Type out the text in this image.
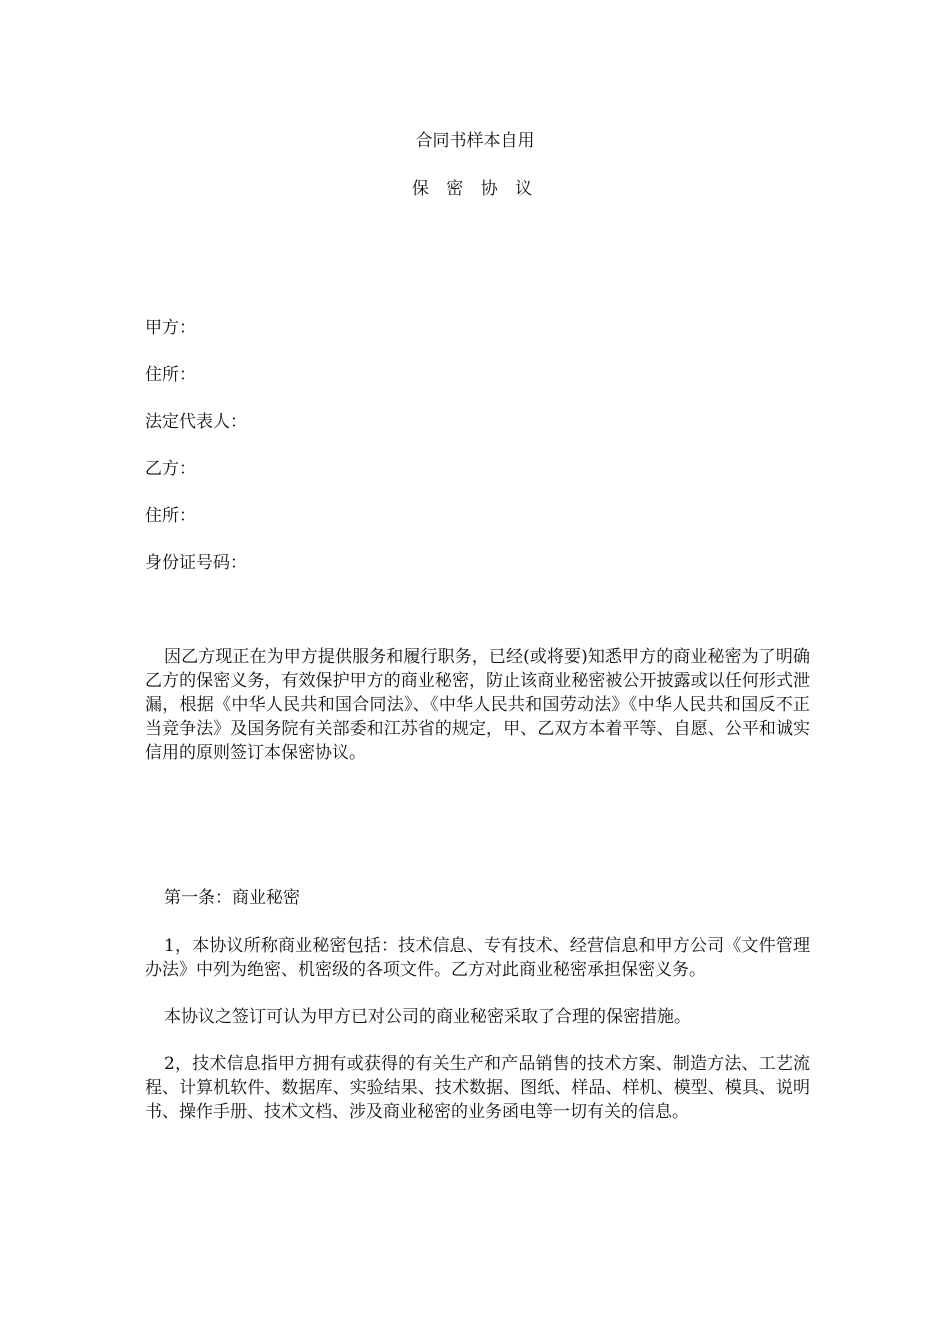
合同书样本自用
保 密 协 议
甲方：
住所：
法定代表人：
乙方：
住所：
身份证号码：
因乙方现正在为甲方提供服务和履行职务，已经(或将要)知悉甲方的商业秘密为了明确乙方的保密义务，有效保护甲方的商业秘密，防止该商业秘密被公开披露或以任何形式泄漏，根据《中华人民共和国合同法》、《中华人民共和国劳动法》《中华人民共和国反不正当竞争法》及国务院有关部委和江苏省的规定，甲、乙双方本着平等、自愿、公平和诚实信用的原则签订本保密协议。
第一条：商业秘密
1，本协议所称商业秘密包括：技术信息、专有技术、经营信息和甲方公司《文件管理办法》中列为绝密、机密级的各项文件。乙方对此商业秘密承担保密义务。
本协议之签订可认为甲方已对公司的商业秘密采取了合理的保密措施。
2，技术信息指甲方拥有或获得的有关生产和产品销售的技术方案、制造方法、工艺流程、计算机软件、数据库、实验结果、技术数据、图纸、样品、样机、模型、模具、说明书、操作手册、技术文档、涉及商业秘密的业务函电等一切有关的信息。
